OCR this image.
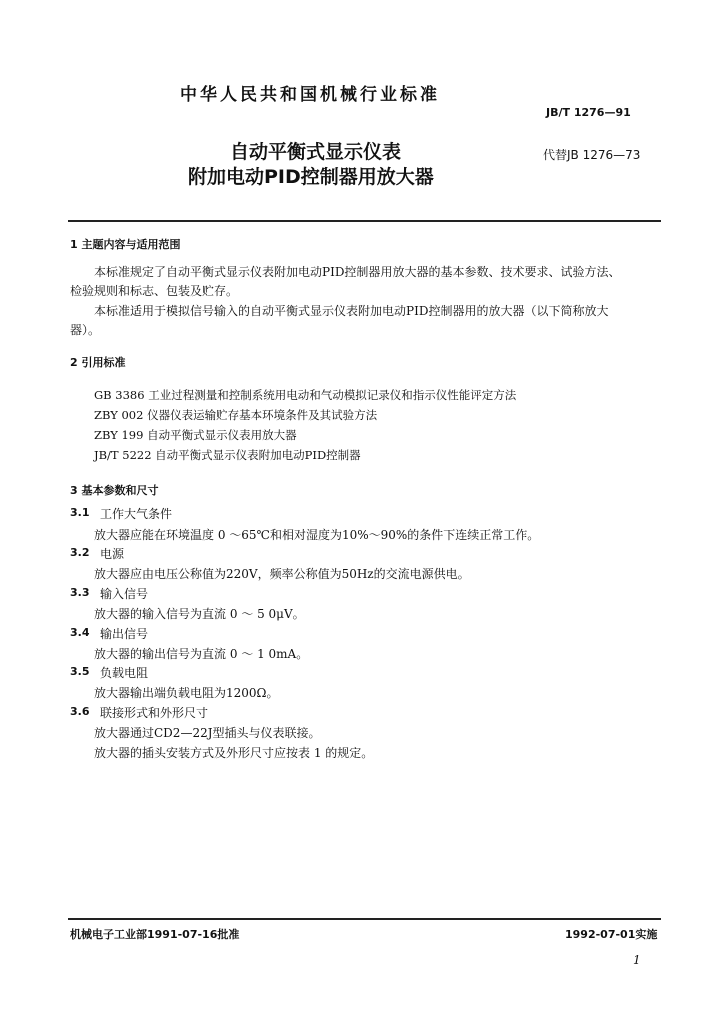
中华人民共和国机械行业标准
JB/T 1276—91
自动平衡式显示仪表
附加电动PID控制器用放大器
代替JB 1276—73
1 主题内容与适用范围
本标准规定了自动平衡式显示仪表附加电动PID控制器用放大器的基本参数、技术要求、试验方法、
检验规则和标志、包装及贮存。
本标准适用于模拟信号输入的自动平衡式显示仪表附加电动PID控制器用的放大器（以下简称放大
器）。
2 引用标准
GB 3386 工业过程测量和控制系统用电动和气动模拟记录仪和指示仪性能评定方法
ZBY 002 仪器仪表运输贮存基本环境条件及其试验方法
ZBY 199 自动平衡式显示仪表用放大器
JB/T 5222 自动平衡式显示仪表附加电动PID控制器
3 基本参数和尺寸
3.1 工作大气条件
放大器应能在环境温度 0 ～65℃和相对湿度为10%～90%的条件下连续正常工作。
3.2 电源
放大器应由电压公称值为220V，频率公称值为50Hz的交流电源供电。
3.3 输入信号
放大器的输入信号为直流 0 ～ 5 0μV。
3.4 输出信号
放大器的输出信号为直流 0 ～ 1 0mA。
3.5 负载电阻
放大器输出端负载电阻为1200Ω。
3.6 联接形式和外形尺寸
放大器通过CD2—22J型插头与仪表联接。
放大器的插头安装方式及外形尺寸应按表 1 的规定。
机械电子工业部1991-07-16批准	1992-07-01实施
1
